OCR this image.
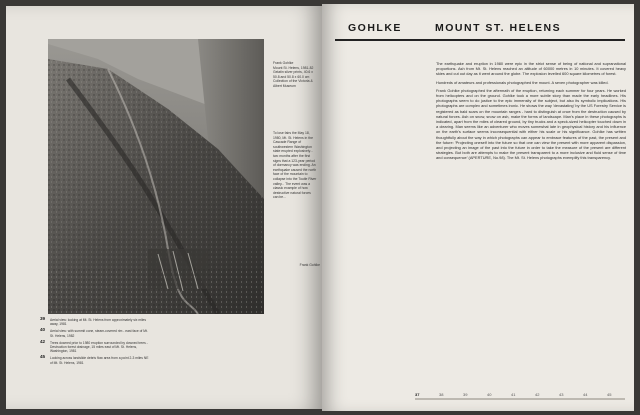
Frank Gohlke
Mount St. Helens, 1981-82
Gelatin silver prints, 40.6 x 50.8 and 50.8 x 60.0 cm
Collection of the Victoria & Albert Museum
To lose fairs the May 18, 1980, Mt. St. Helens in the Cascade Range of southwestern Washington state erupted explosively... two months after the first signs that a 123-year period of dormancy was ending. An earthquake caused the north face of the mountain to collapse into the Toutle River valley... The event was a classic example of how destructive natural forces can be...
Frank Gohlke
39 Aerial view: looking at Mt. St. Helens from approximately six miles away, 1981
40 Aerial view: with summit cone, steam-covered rim - east face of Mt. St. Helens, 1982
42 Trees downed prior to 1980 eruption surrounded by downed trees - Destruction forest drainage, 15 miles east of Mt. St. Helens, Washington, 1981
45 Looking across landslide debris flow area from a point 2-3 miles NE of Mt. St. Helens, 1981
GOHLKE	MOUNT ST. HELENS

The earthquake and eruption in 1980 were epic in the strict sense of being of national and supranational proportions. Ash from Mt. St. Helens reached an altitude of 60000 metres in 10 minutes. It covered heavy skies and cut out day as it went around the globe. The explosion levelled 600 square kilometres of forest.

Hundreds of amateurs and professionals photographed the mount. A seven photographer was killed.

Frank Gohlke photographed the aftermath of the eruption, returning each summer for four years. He worked from helicopters and on the ground. Gohlke took a more subtle story than made the early headlines. His photographs seem to do justice to the epic immensity of the subject, but also its symbolic implications. His photographs are complex and sometimes ironic. He shows the way 'devastating' by the US Forestry Service is registered as bald scars on the mountain ranges - hard to distinguish at once from the destruction caused by natural forces. Ash on snow, snow on ash, make the forms of landscape. Man's place in these photographs is indicated, apart from the miles of cleared ground, by tiny trucks and a speck-sized helicopter touched down in a clearing. Man seems like an adventurer who moves somewhat late in geophysical history and his influence on the earth's surface seems inconsequential with either his scale or his significance. Gohlke has written thoughtfully about the way in which photographs can appear to embrace features of the past, the present and the future: 'Projecting oneself into the future so that one can view the present with more apparent dispassion, and projecting an image of the past into the future in order to take the measure of the present are different strategies. But both are attempts to make the present transparent to a more inclusive and fluid sense of time and consequence' (APERTURE, No.98). The Mt. St. Helens photographs exemplify this transparency.

37	38	39	40	41	42	43	44	45
